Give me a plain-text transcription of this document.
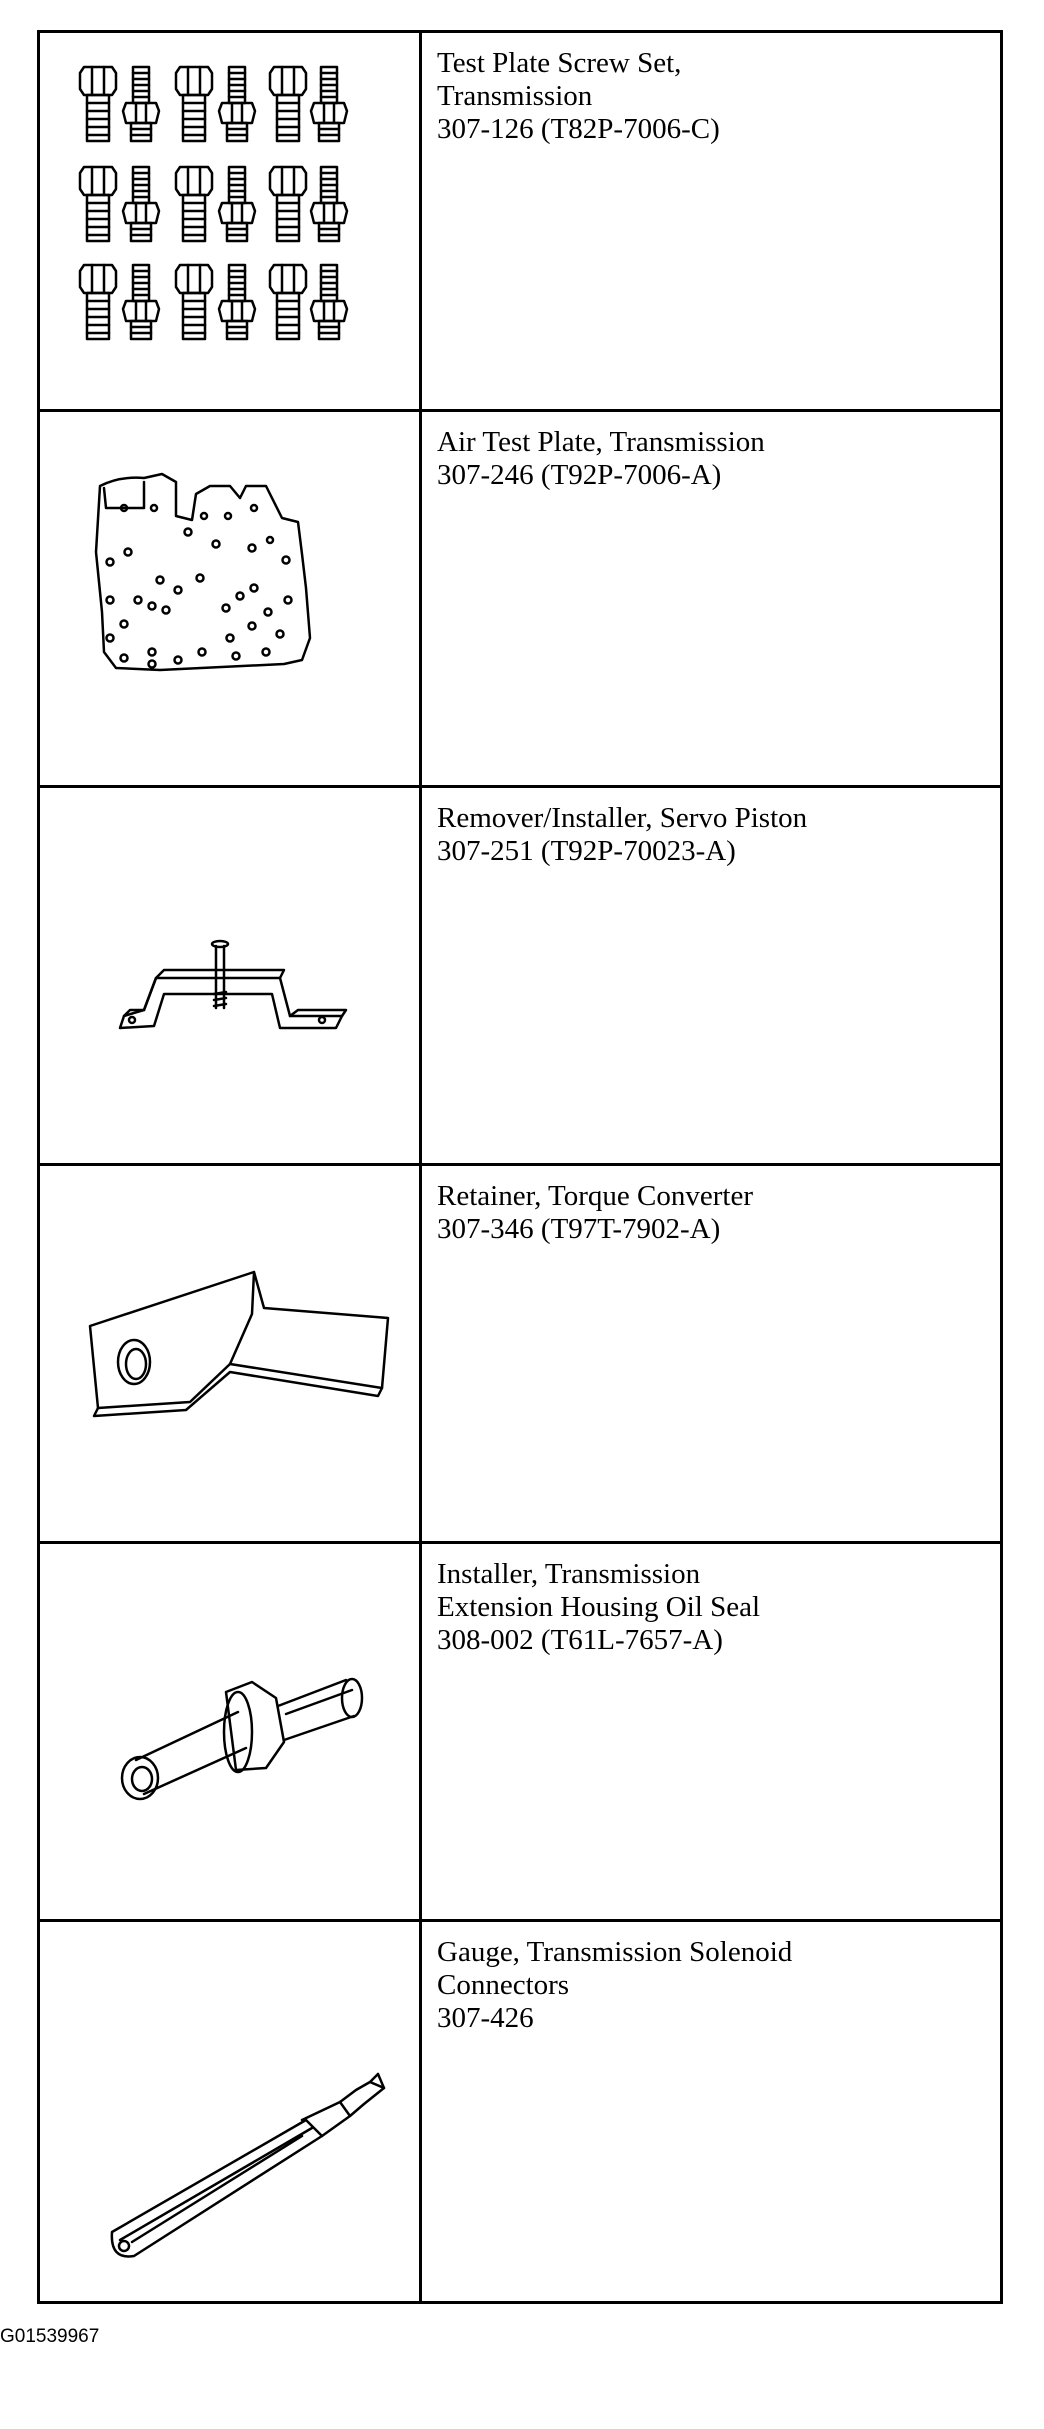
Test Plate Screw Set,
Transmission
307-126 (T82P-7006-C)
Air Test Plate, Transmission
307-246 (T92P-7006-A)
Remover/Installer, Servo Piston
307-251 (T92P-70023-A)
Retainer, Torque Converter
307-346 (T97T-7902-A)
Installer, Transmission
Extension Housing Oil Seal
308-002 (T61L-7657-A)
Gauge, Transmission Solenoid
Connectors
307-426
G01539967
